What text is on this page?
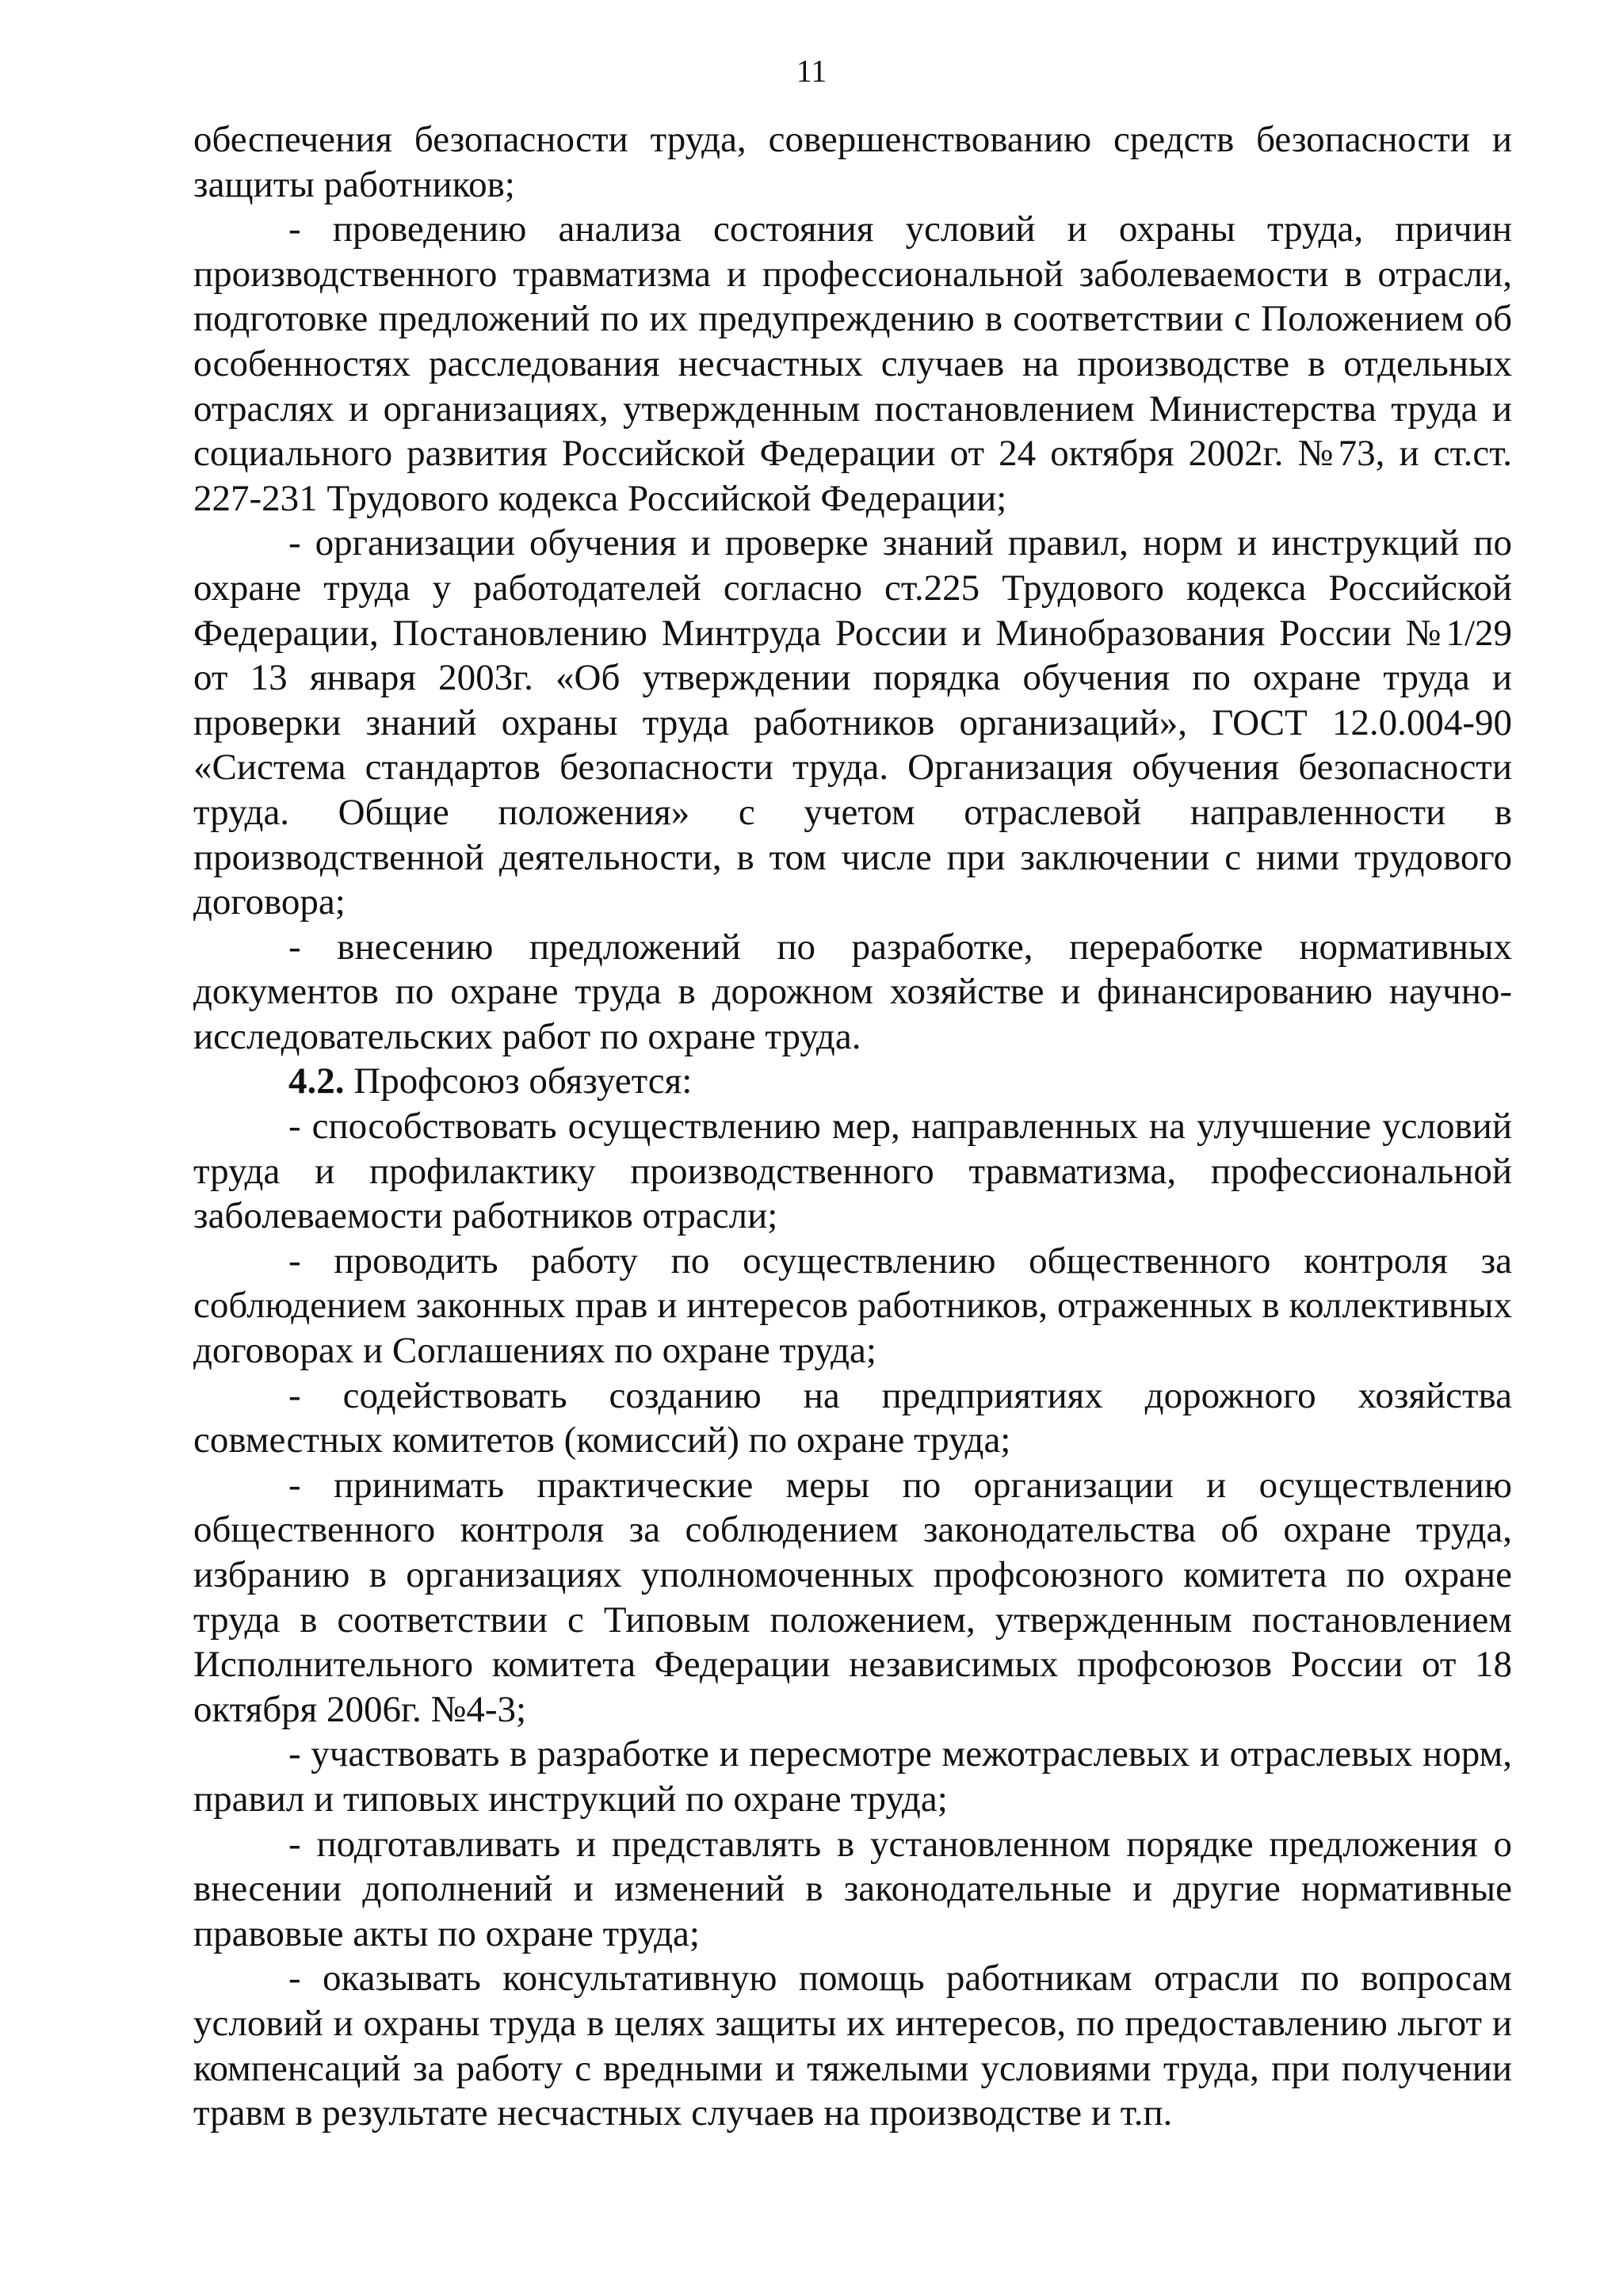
11

обеспечения безопасности труда, совершенствованию средств безопасности и защиты работников;

- проведению анализа состояния условий и охраны труда, причин производственного травматизма и профессиональной заболеваемости в отрасли, подготовке предложений по их предупреждению в соответствии с Положением об особенностях расследования несчастных случаев на производстве в отдельных отраслях и организациях, утвержденным постановлением Министерства труда и социального развития Российской Федерации от 24 октября 2002г. №73, и ст.ст. 227-231 Трудового кодекса Российской Федерации;

- организации обучения и проверке знаний правил, норм и инструкций по охране труда у работодателей согласно ст.225 Трудового кодекса Российской Федерации, Постановлению Минтруда России и Минобразования России №1/29 от 13 января 2003г. «Об утверждении порядка обучения по охране труда и проверки знаний охраны труда работников организаций», ГОСТ 12.0.004-90 «Система стандартов безопасности труда. Организация обучения безопасности труда. Общие положения» с учетом отраслевой направленности в производственной деятельности, в том числе при заключении с ними трудового договора;

- внесению предложений по разработке, переработке нормативных документов по охране труда в дорожном хозяйстве и финансированию научно-исследовательских работ по охране труда.

4.2. Профсоюз обязуется:

- способствовать осуществлению мер, направленных на улучшение условий труда и профилактику производственного травматизма, профессиональной заболеваемости работников отрасли;

- проводить работу по осуществлению общественного контроля за соблюдением законных прав и интересов работников, отраженных в коллективных договорах и Соглашениях по охране труда;

- содействовать созданию на предприятиях дорожного хозяйства совместных комитетов (комиссий) по охране труда;

- принимать практические меры по организации и осуществлению общественного контроля за соблюдением законодательства об охране труда, избранию в организациях уполномоченных профсоюзного комитета по охране труда в соответствии с Типовым положением, утвержденным постановлением Исполнительного комитета Федерации независимых профсоюзов России от 18 октября 2006г. №4-3;

- участвовать в разработке и пересмотре межотраслевых и отраслевых норм, правил и типовых инструкций по охране труда;

- подготавливать и представлять в установленном порядке предложения о внесении дополнений и изменений в законодательные и другие нормативные правовые акты по охране труда;

- оказывать консультативную помощь работникам отрасли по вопросам условий и охраны труда в целях защиты их интересов, по предоставлению льгот и компенсаций за работу с вредными и тяжелыми условиями труда, при получении травм в результате несчастных случаев на производстве и т.п.
